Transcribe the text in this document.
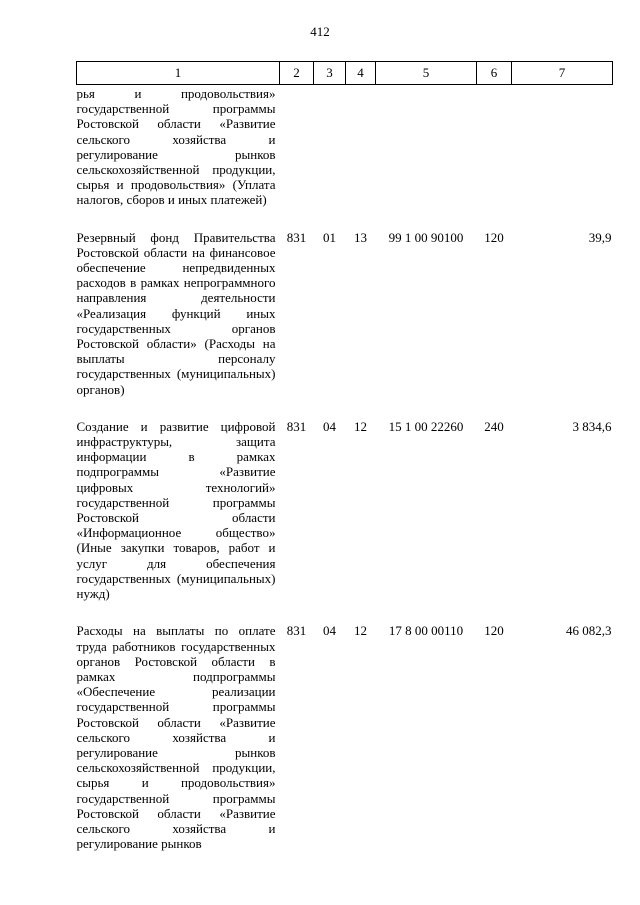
412
1	2	3	4	5	6	7
рья и продовольствия» государственной программы Ростовской области «Развитие сельского хозяйства и регулирование рынков сельскохозяйственной продукции, сырья и продовольствия» (Уплата налогов, сборов и иных платежей)						
Резервный фонд Правительства Ростовской области на финансовое обеспечение непредвиденных расходов в рамках непрограммного направления деятельности «Реализация функций иных государственных органов Ростовской области» (Расходы на выплаты персоналу государственных (муниципальных) органов)	831	01	13	99 1 00 90100	120	39,9
Создание и развитие цифровой инфраструктуры, защита информации в рамках подпрограммы «Развитие цифровых технологий» государственной программы Ростовской области «Информационное общество» (Иные закупки товаров, работ и услуг для обеспечения государственных (муниципальных) нужд)	831	04	12	15 1 00 22260	240	3 834,6
Расходы на выплаты по оплате труда работников государственных органов Ростовской области в рамках подпрограммы «Обеспечение реализации государственной программы Ростовской области «Развитие сельского хозяйства и регулирование рынков сельскохозяйственной продукции, сырья и продовольствия» государственной программы Ростовской области «Развитие сельского хозяйства и регулирование рынков	831	04	12	17 8 00 00110	120	46 082,3
